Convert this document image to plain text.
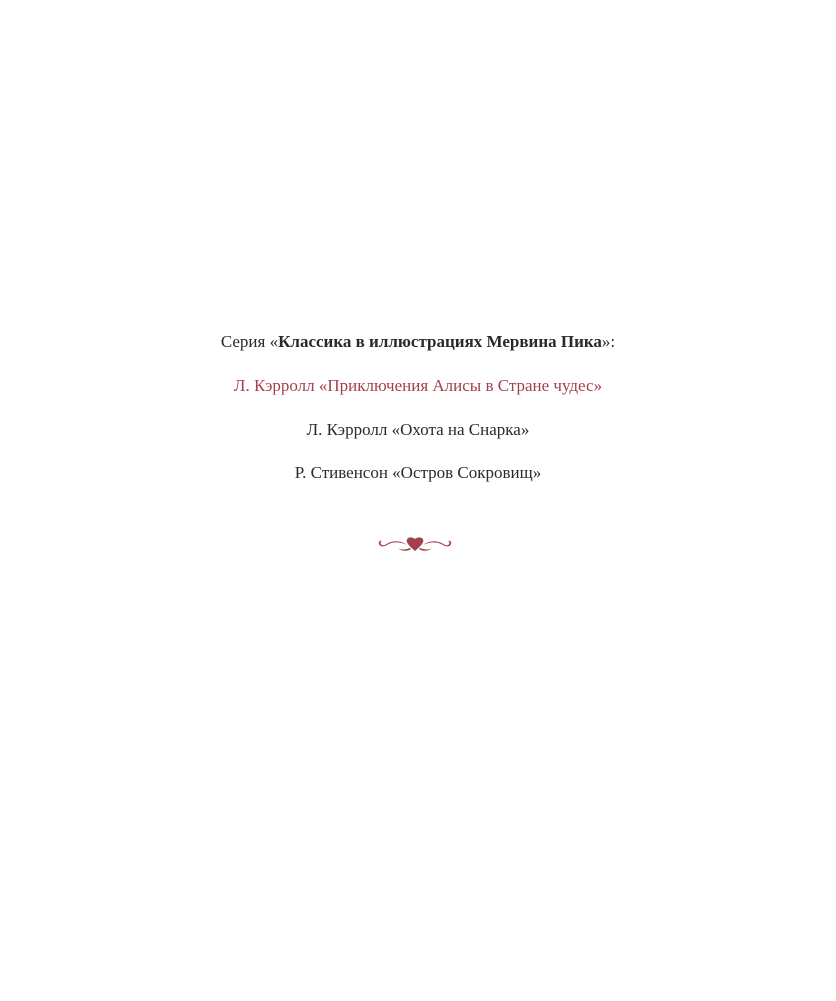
Серия «Классика в иллюстрациях Мервина Пика»:
Л. Кэрролл «Приключения Алисы в Стране чудес»
Л. Кэрролл «Охота на Снарка»
Р. Стивенсон «Остров Сокровищ»
